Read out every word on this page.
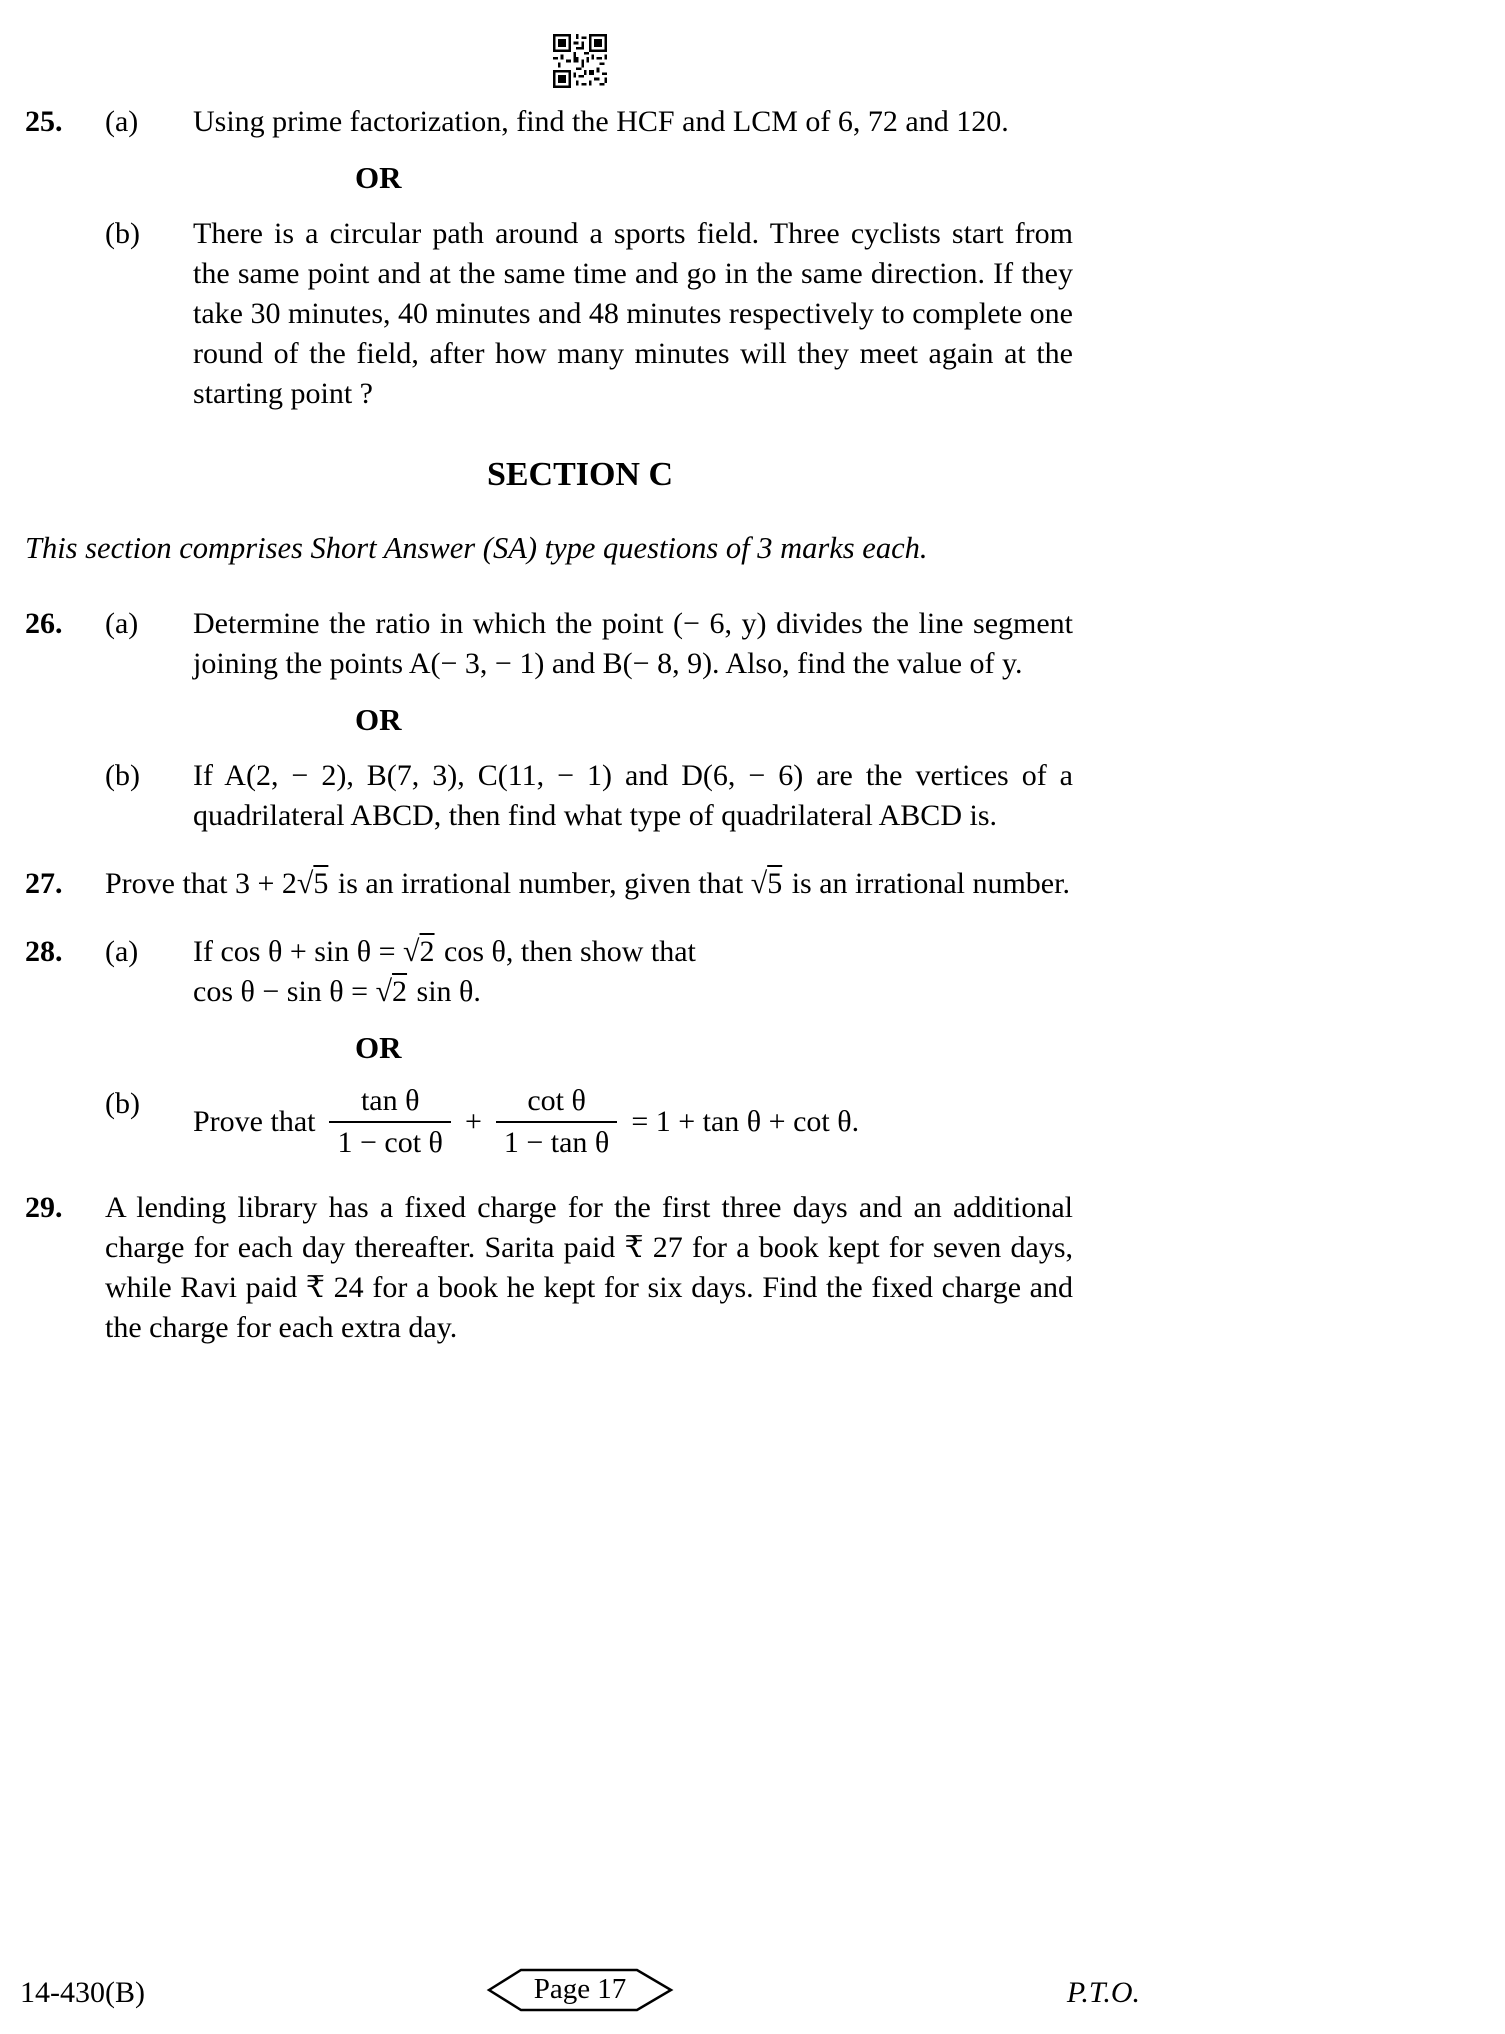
25.	(a)	Using prime factorization, find the HCF and LCM of 6, 72 and 120.
OR
(b)	There is a circular path around a sports field. Three cyclists start from the same point and at the same time and go in the same direction. If they take 30 minutes, 40 minutes and 48 minutes respectively to complete one round of the field, after how many minutes will they meet again at the starting point ?
SECTION C
This section comprises Short Answer (SA) type questions of 3 marks each.
26.	(a)	Determine the ratio in which the point (− 6, y) divides the line segment joining the points A(− 3, − 1) and B(− 8, 9). Also, find the value of y.
OR
(b)	If A(2, − 2), B(7, 3), C(11, − 1) and D(6, − 6) are the vertices of a quadrilateral ABCD, then find what type of quadrilateral ABCD is.
27.	Prove that 3 + 2√5 is an irrational number, given that √5 is an irrational number.
28.	(a)	If cos θ + sin θ = √2 cos θ, then show that
cos θ − sin θ = √2 sin θ.
OR
(b)
Prove that $\frac{\text{tan θ}}{\text{1 − cot θ}} + \frac{\text{cot θ}}{\text{1 − tan θ}} = 1 + \tan \theta + \cot \theta$.
29.	A lending library has a fixed charge for the first three days and an additional charge for each day thereafter. Sarita paid ₹ 27 for a book kept for seven days, while Ravi paid ₹ 24 for a book he kept for six days. Find the fixed charge and the charge for each extra day.
14-430(B)	Page 17	P.T.O.
